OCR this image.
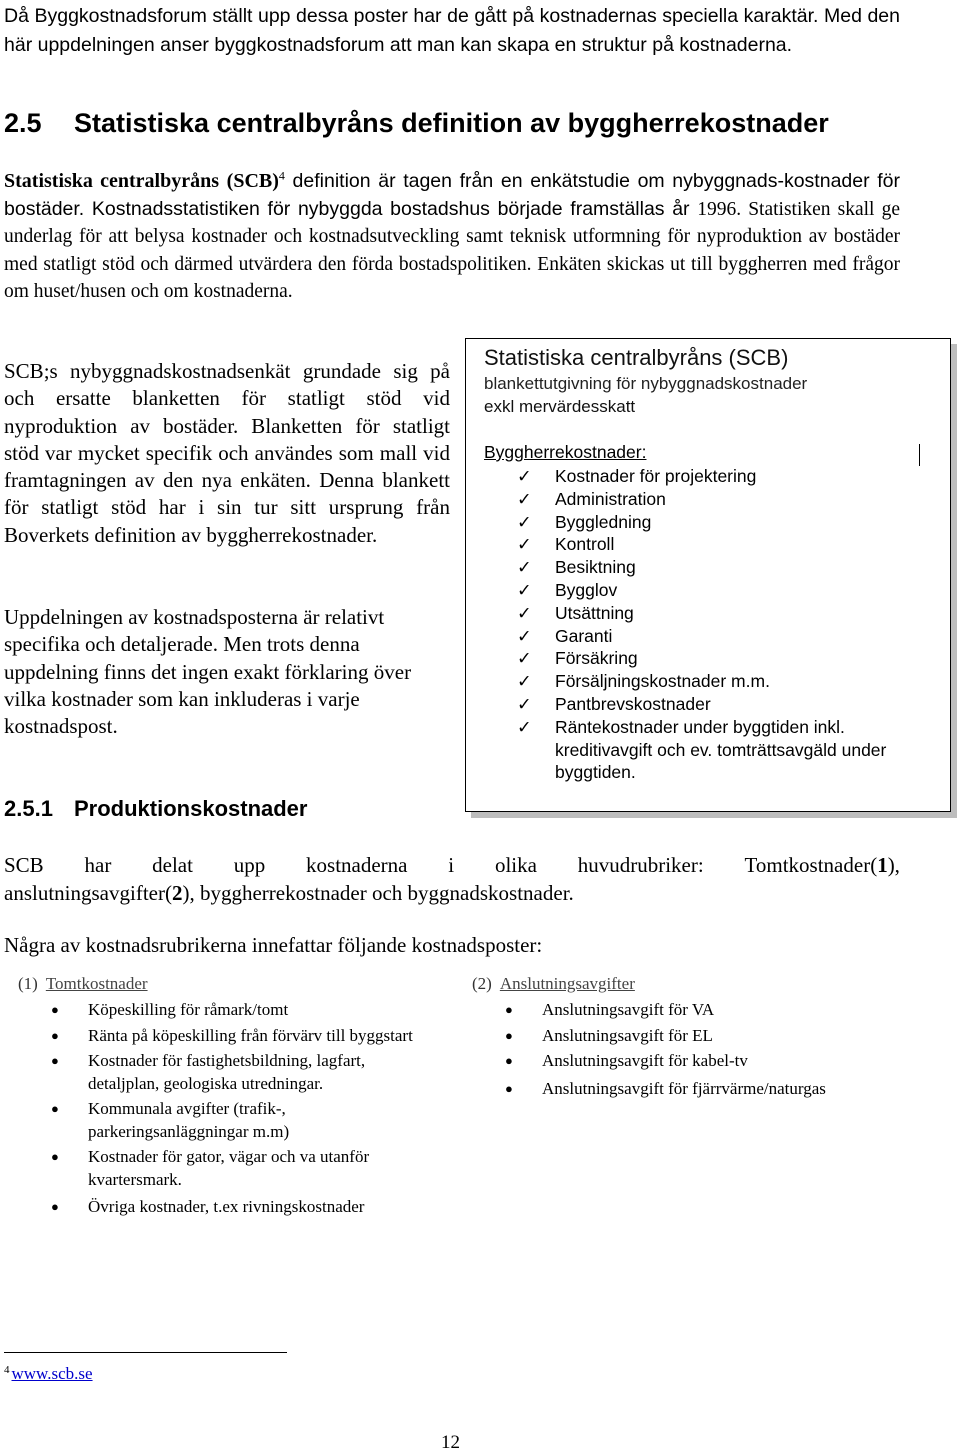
Då Byggkostnadsforum ställt upp dessa poster har de gått på kostnadernas speciella karaktär. Med den här uppdelningen anser byggkostnadsforum att man kan skapa en struktur på kostnaderna.
2.5 Statistiska centralbyråns definition av byggherrekostnader
Statistiska centralbyråns (SCB)$^4$ definition är tagen från en enkätstudie om nybyggnads-kostnader för bostäder. Kostnadsstatistiken för nybyggda bostadshus började framställas år 1996. Statistiken skall ge underlag för att belysa kostnader och kostnadsutveckling samt teknisk utformning för nyproduktion av bostäder med statligt stöd och därmed utvärdera den förda bostadspolitiken. Enkäten skickas ut till byggherren med frågor om huset/husen och om kostnaderna.
SCB;s nybyggnadskostnadsenkät grundade sig på och ersatte blanketten för statligt stöd vid nyproduktion av bostäder. Blanketten för statligt stöd var mycket specifik och användes som mall vid framtagningen av den nya enkäten. Denna blankett för statligt stöd har i sin tur sitt ursprung från Boverkets definition av byggherrekostnader.
Uppdelningen av kostnadsposterna är relativt specifika och detaljerade. Men trots denna uppdelning finns det ingen exakt förklaring över vilka kostnader som kan inkluderas i varje kostnadspost.
Statistiska centralbyråns (SCB)
blankettutgivning för nybyggnadskostnader
exkl mervärdesskatt
Byggherrekostnader:
✓ Kostnader för projektering
✓ Administration
✓ Byggledning
✓ Kontroll
✓ Besiktning
✓ Bygglov
✓ Utsättning
✓ Garanti
✓ Försäkring
✓ Försäljningskostnader m.m.
✓ Pantbrevskostnader
✓ Räntekostnader under byggtiden inkl. kreditivavgift och ev. tomträttsavgäld under byggtiden.
2.5.1 Produktionskostnader
SCB har delat upp kostnaderna i olika huvudrubriker: Tomtkostnader(1),
anslutningsavgifter(2), byggherrekostnader och byggnadskostnader.
Några av kostnadsrubrikerna innefattar följande kostnadsposter:
(1) Tomtkostnader
● Köpeskilling för råmark/tomt
● Ränta på köpeskilling från förvärv till byggstart
● Kostnader för fastighetsbildning, lagfart, detaljplan, geologiska utredningar.
● Kommunala avgifter (trafik-, parkeringsanläggningar m.m)
● Kostnader för gator, vägar och va utanför kvartersmark.
● Övriga kostnader, t.ex rivningskostnader
(2) Anslutningsavgifter
● Anslutningsavgift för VA
● Anslutningsavgift för EL
● Anslutningsavgift för kabel-tv
● Anslutningsavgift för fjärrvärme/naturgas
$^4$ www.scb.se
12
